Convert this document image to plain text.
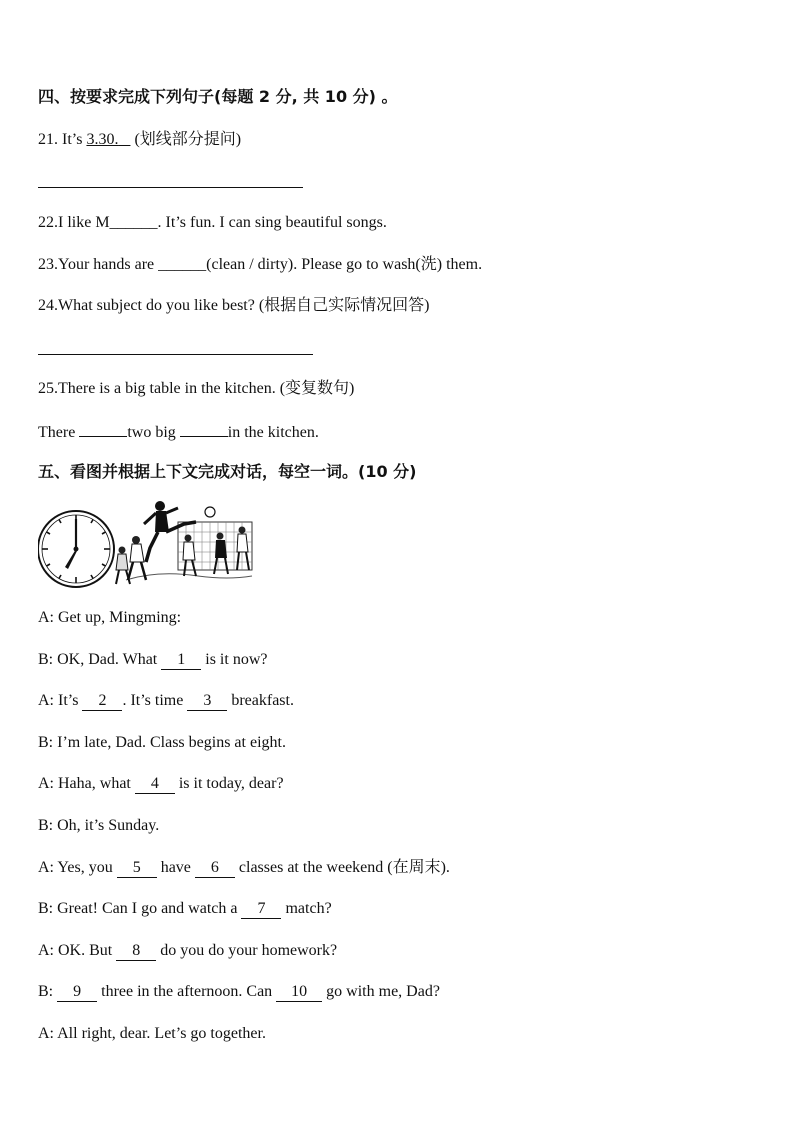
四、按要求完成下列句子(每题 2 分, 共 10 分) 。
21. It’s 3.30.    (划线部分提问)
22.I like M______. It’s fun. I can sing beautiful songs.
23.Your hands are ______(clean / dirty). Please go to wash(洗) them.
24.What subject do you like best? (根据自己实际情况回答)
25.There is a big table in the kitchen. (变复数句)
There	two big	in the kitchen.
五、看图并根据上下文完成对话，每空一词。(10 分)
A: Get up, Mingming:
B: OK, Dad. What 1 is it now?
A: It’s 2 . It’s time 3 breakfast.
B: I’m late, Dad. Class begins at eight.
A: Haha, what 4 is it today, dear?
B: Oh, it’s Sunday.
A: Yes, you 5 have 6 classes at the weekend (在周末).
B: Great! Can I go and watch a 7 match?
A: OK. But 8 do you do your homework?
B: 9 three in the afternoon. Can 10 go with me, Dad?
A: All right, dear. Let’s go together.
